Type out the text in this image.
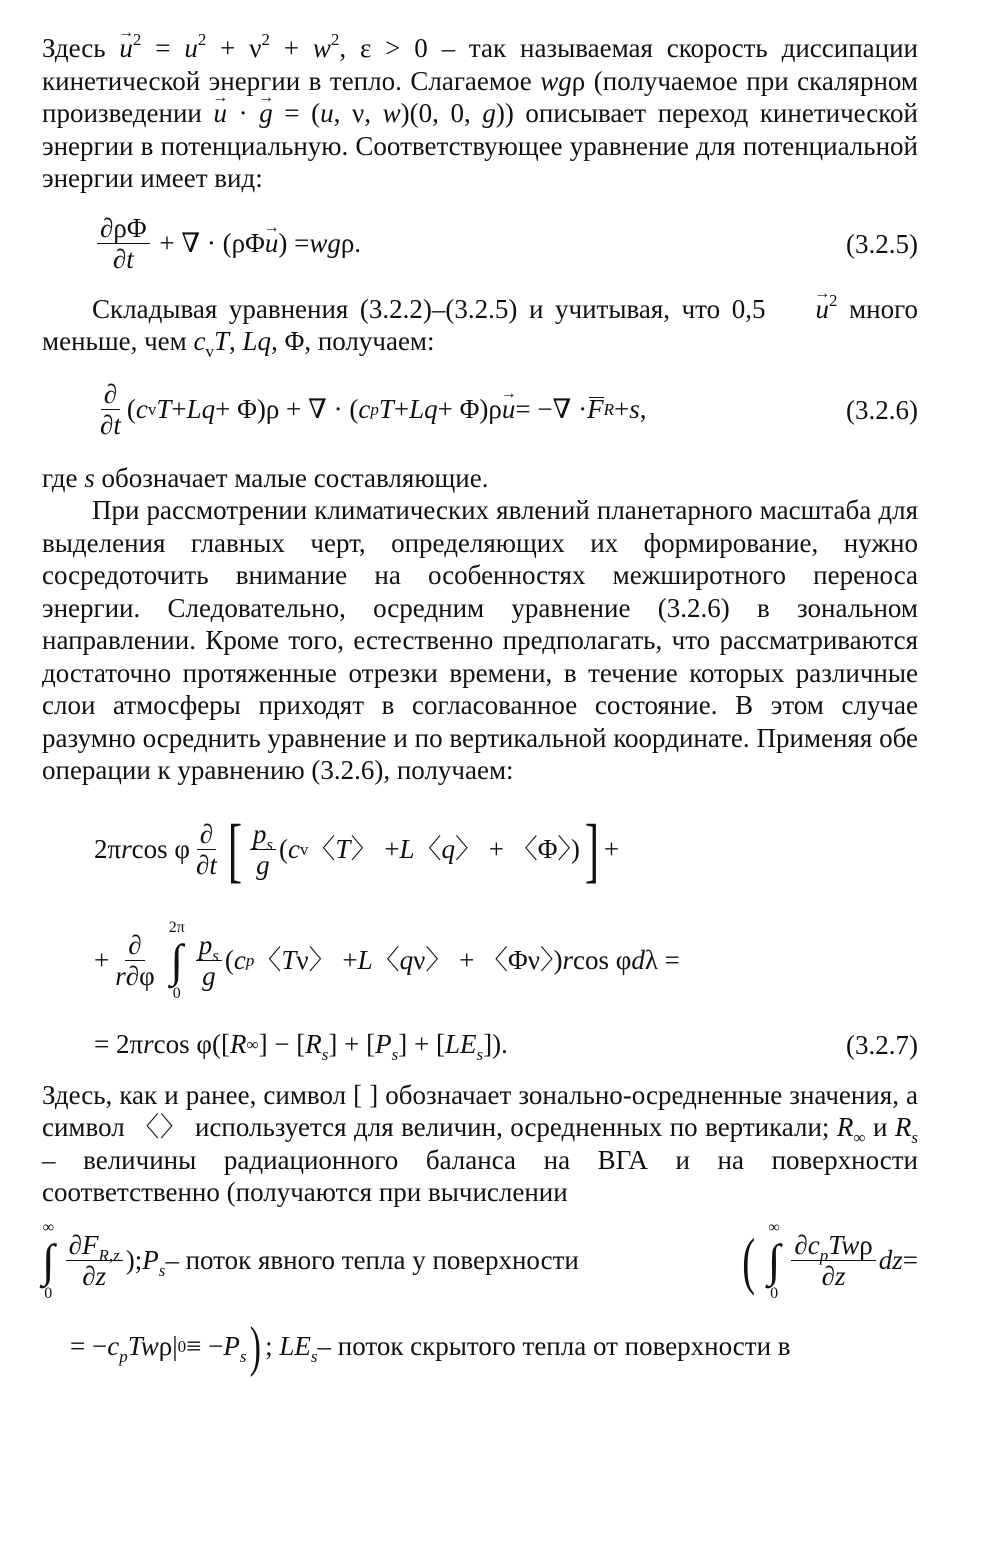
Здесь → $u^2 = u^2 + \nu^2 + w^2$, ε > 0 – так называемая скорость диссипации кинетической энергии в тепло. Слагаемое wgρ (получаемое при скалярном произведении → u · → g = (u, ν, w)(0, 0, g)) описывает переход кинетической энергии в потенциальную. Соответствующее уравнение для потенциальной энергии имеет вид:

$\frac{\partial\rho\Phi}{\partial t}$ + ∇ · (ρΦ → u ) = wg ρ.	(3.2.5)

Складывая уравнения (3.2.2)–(3.2.5) и учитывая, что $0,5 \to u^2$ много меньше, чем $c_vT$, Lq, Φ, получаем:

$\frac{\partial}{\partial t}$ ( c v T + Lq + Φ)ρ + ∇ · ( c p T + Lq + Φ)ρ → u = −∇ · F R + s ,	(3.2.6)

где s обозначает малые составляющие.

При рассмотрении климатических явлений планетарного масштаба для выделения главных черт, определяющих их формирование, нужно сосредоточить внимание на особенностях межширотного переноса энергии. Следовательно, осредним уравнение (3.2.6) в зональном направлении. Кроме того, естественно предполагать, что рассматриваются достаточно протяженные отрезки времени, в течение которых различные слои атмосферы приходят в согласованное состояние. В этом случае разумно осреднить уравнение и по вертикальной координате. Применяя обе операции к уравнению (3.2.6), получаем:

2π r cos φ $\frac{\partial}{\partial t}$ [ $\frac{p_s}{g}$ ( c v 〈 T 〉 + L 〈 q 〉 + 〈Φ〉) ] +
+ $\frac{\partial}{r\partial\varphi}$
2π
∫
0
$\frac{p_s}{g}$ ( c p 〈 T ν〉 + L 〈 q ν〉 + 〈Φν〉) r cos φ d λ =
= 2π r cos φ([ R ∞ ] − [ $R_s$ ] + [ $P_s$ ] + [ $LE_s$ ]).	(3.2.7)

Здесь, как и ранее, символ [ ] обозначает зонально-осредненные значения, а символ 〈〉 используется для величин, осредненных по вертикали; $R_\infty$ и $R_s$ – величины радиационного баланса на ВГА и на поверхности соответственно (получаются при вычислении

∞
∫
0
$\frac{\partial F_{R,z}}{\partial z}$ ); $P_s$ – поток явного тепла у поверхности	( ∞
∫
0
$\frac{\partial c_pTw\rho}{\partial z}$ dz =
= − $c_pTw$ ρ| 0 ≡ − $P_s$ ) ;
$LE_s$ – поток скрытого тепла от поверхности в
